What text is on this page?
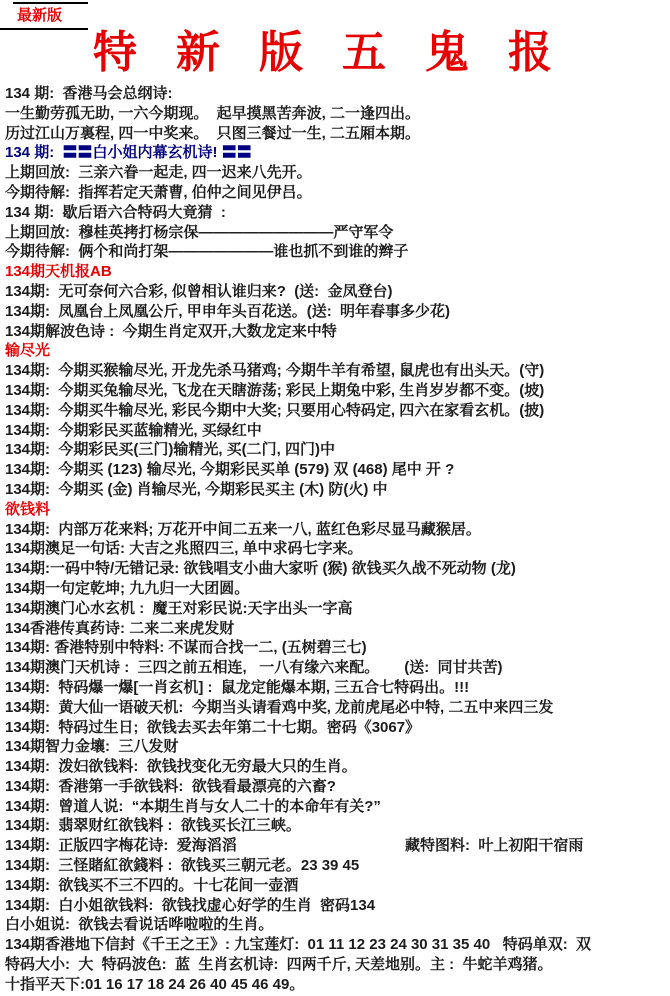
最新版
特 新 版 五 鬼 报
134 期:  香港马会总纲诗:
一生勤劳孤无助, 一六今期现。  起早摸黑苦奔波, 二一逢四出。
历过江山万裏程, 四一中奖来。  只图三餐过一生, 二五厢本期。
134 期:  〓〓白小姐内幕玄机诗! 〓〓
上期回放:  三亲六眷一起走, 四一迟来八先开。
今期待解:  指挥若定天萧曹, 伯仲之间见伊吕。
134 期:  歇后语六合特码大竟猜  :
上期回放:  穆桂英拷打杨宗保—————————严守军令
今期待解:  俩个和尚打架———————谁也抓不到谁的辫子
134期天机报AB
134期:  无可奈何六合彩, 似曾相认谁归来?  (送:  金凤登台)
134期:  凤凰台上凤凰公斤, 甲申年头百花送。(送:  明年春事多少花)
134期解波色诗 :  今期生肖定双开,大数龙定来中特
输尽光
134期:  今期买猴输尽光, 开龙先杀马猪鸡; 今期牛羊有希望, 鼠虎也有出头天。(守)
134期:  今期买兔输尽光, 飞龙在天瞎游荡; 彩民上期兔中彩, 生肖岁岁都不变。(坡)
134期:  今期买牛输尽光, 彩民今期中大奖; 只要用心特码定, 四六在家看玄机。(披)
134期:  今期彩民买蓝输精光, 买绿红中
134期:  今期彩民买(三门)输精光, 买(二门, 四门)中
134期:  今期买 (123) 输尽光, 今期彩民买单 (579) 双 (468) 尾中 开 ?
134期:  今期买 (金) 肖输尽光, 今期彩民买主 (木) 防(火) 中
欲钱料
134期:  内部万花来料; 万花开中间二五来一八, 蓝红色彩尽显马藏猴居。
134期澳足一句话: 大吉之兆照四三, 单中求码七字来。
134期:一码中特/无错记录: 欲钱唱支小曲大家听 (猴) 欲钱买久战不死动物 (龙)
134期一句定乾坤; 九九归一大团圆。
134期澳门心水玄机 :  魔王对彩民说:天字出头一字高
134香港传真药诗: 二来二来虎发财
134期: 香港特别中特料: 不谋而合找一二, (五树碧三七)
134期澳门天机诗 :  三四之前五相连,   一八有缘六来配。      (送:  同甘共苦)
134期:  特码爆一爆[一肖玄机] :  鼠龙定能爆本期, 三五合七特码出。!!!
134期:  黄大仙一语破天机:  今期当头请看鸡中奖, 龙前虎尾必中特, 二五中来四三发
134期:  特码过生日;  欲钱去买去年第二十七期。密码《3067》
134期智力金壤:  三八发财
134期:  泼妇欲钱料:  欲钱找变化无穷最大只的生肖。
134期:  香港第一手欲钱料:  欲钱看最漂亮的六畜?
134期:  曾道人说:  “本期生肖与女人二十的本命年有关?”
134期:  翡翠财红欲钱料 :  欲钱买长江三峡。
134期:  正版四字梅花诗:  爱海滔滔	藏特图料:  叶上初阳干宿雨
134期:  三怪賭紅欲錢料 :  欲钱买三朝元老。23 39 45
134期:  欲钱买不三不四的。十七花间一壶酒
134期:  白小姐欲钱料:  欲钱找虚心好学的生肖  密码134
白小姐说:  欲钱去看说话哗啦啦的生肖。
134期香港地下信封《千王之王》: 九宝莲灯:  01 11 12 23 24 30 31 35 40   特码单双:  双
特码大小:  大  特码波色:  蓝  生肖玄机诗:  四两千斤, 天差地别。主 :  牛蛇羊鸡猪。
十指平天下:01 16 17 18 24 26 40 45 46 49。
